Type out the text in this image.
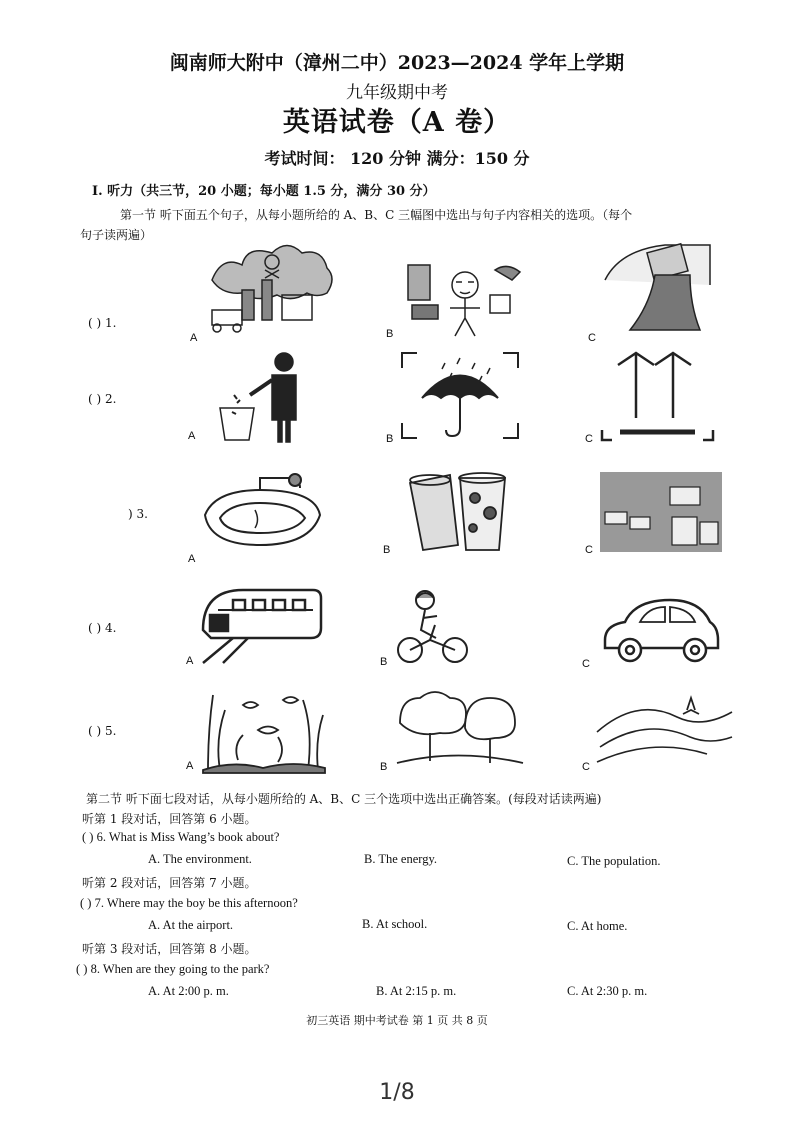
闽南师大附中（漳州二中）2023—2024 学年上学期
九年级期中考
英语试卷（A 卷）
考试时间： 120 分钟 满分：150 分
I. 听力（共三节，20 小题；每小题 1.5 分，满分 30 分）
第一节 听下面五个句子，从每小题所给的 A、B、C 三幅图中选出与句子内容相关的选项。（每个
句子读两遍）
( ) 1.
A	B	C
( ) 2.
A	B	C
) 3.
A
B	C
( ) 4.
A	B	C
( ) 5.
A	B	C
第二节 听下面七段对话，从每小题所给的 A、B、C 三个选项中选出正确答案。(每段对话读两遍)
听第 1 段对话，回答第 6 小题。
( ) 6. What is Miss Wang’s book about?
A. The environment.	B. The energy.	C. The population.
听第 2 段对话，回答第 7 小题。
( ) 7. Where may the boy be this afternoon?
A. At the airport.	B. At school.	C. At home.
听第 3 段对话，回答第 8 小题。
( ) 8. When are they going to the park?
A. At 2:00 p. m.	B. At 2:15 p. m.	C. At 2:30 p. m.
初三英语 期中考试卷 第 1 页 共 8 页
1/8
